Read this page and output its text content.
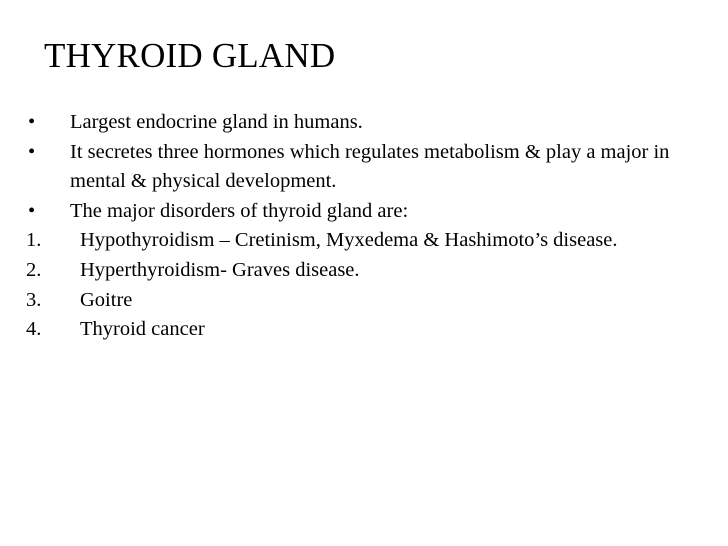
THYROID GLAND
• Largest endocrine gland in humans.
• It secretes three hormones which regulates metabolism & play a major in mental & physical development.
• The major disorders of thyroid gland are:
1. Hypothyroidism – Cretinism, Myxedema & Hashimoto’s disease.
2. Hyperthyroidism- Graves disease.
3. Goitre
4. Thyroid cancer
